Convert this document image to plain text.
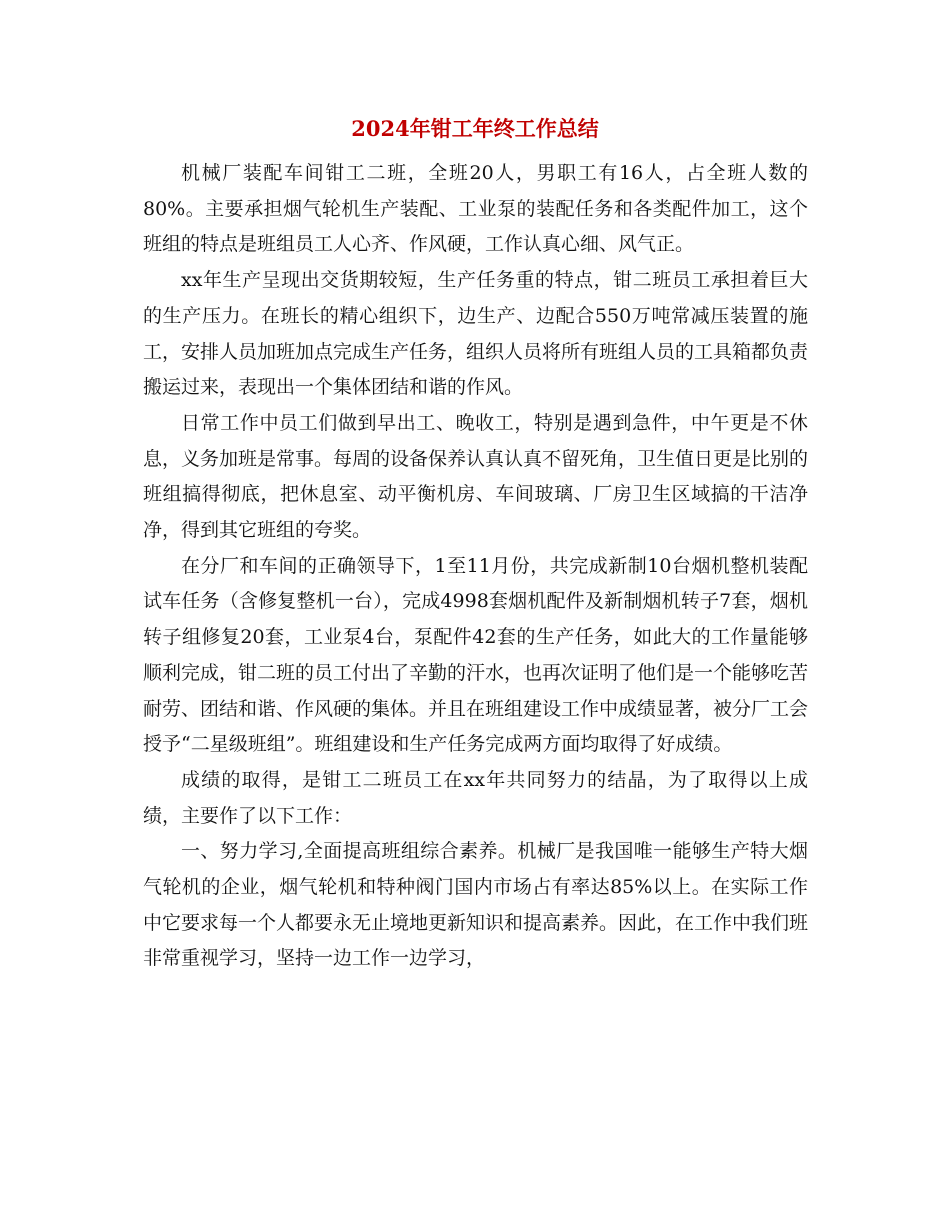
2024年钳工年终工作总结

机械厂装配车间钳工二班，全班20人，男职工有16人，占全班人数的80%。主要承担烟气轮机生产装配、工业泵的装配任务和各类配件加工，这个班组的特点是班组员工人心齐、作风硬，工作认真心细、风气正。

xx年生产呈现出交货期较短，生产任务重的特点，钳二班员工承担着巨大的生产压力。在班长的精心组织下，边生产、边配合550万吨常减压装置的施工，安排人员加班加点完成生产任务，组织人员将所有班组人员的工具箱都负责搬运过来，表现出一个集体团结和谐的作风。

日常工作中员工们做到早出工、晚收工，特别是遇到急件，中午更是不休息，义务加班是常事。每周的设备保养认真认真不留死角，卫生值日更是比别的班组搞得彻底，把休息室、动平衡机房、车间玻璃、厂房卫生区域搞的干洁净净，得到其它班组的夸奖。

在分厂和车间的正确领导下，1至11月份，共完成新制10台烟机整机装配试车任务（含修复整机一台），完成4998套烟机配件及新制烟机转子7套，烟机转子组修复20套，工业泵4台，泵配件42套的生产任务，如此大的工作量能够顺利完成，钳二班的员工付出了辛勤的汗水，也再次证明了他们是一个能够吃苦耐劳、团结和谐、作风硬的集体。并且在班组建设工作中成绩显著，被分厂工会授予“二星级班组”。班组建设和生产任务完成两方面均取得了好成绩。

成绩的取得，是钳工二班员工在xx年共同努力的结晶，为了取得以上成绩，主要作了以下工作：

一、努力学习,全面提高班组综合素养。机械厂是我国唯一能够生产特大烟气轮机的企业，烟气轮机和特种阀门国内市场占有率达85%以上。在实际工作中它要求每一个人都要永无止境地更新知识和提高素养。因此，在工作中我们班非常重视学习，坚持一边工作一边学习，
